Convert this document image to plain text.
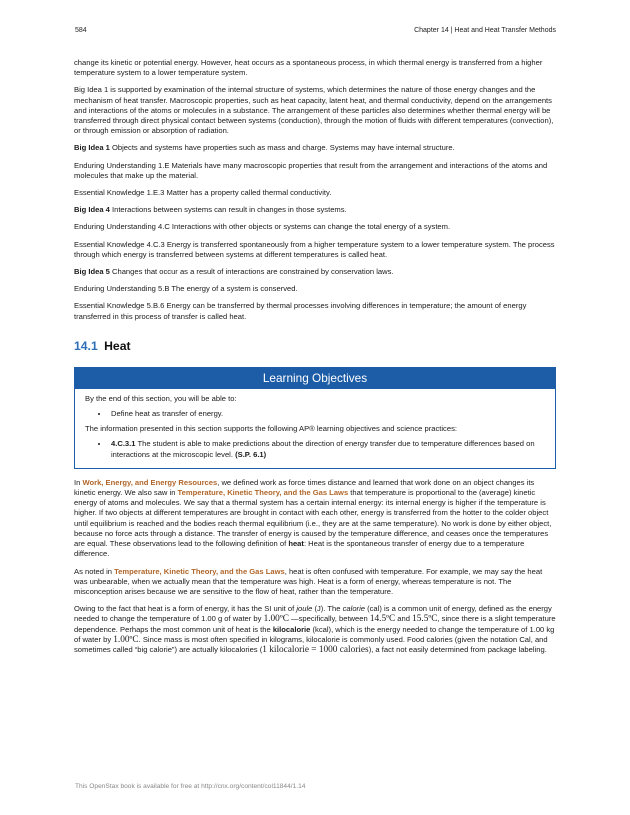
584	Chapter 14 | Heat and Heat Transfer Methods

change its kinetic or potential energy. However, heat occurs as a spontaneous process, in which thermal energy is transferred from a higher temperature system to a lower temperature system.

Big Idea 1 is supported by examination of the internal structure of systems, which determines the nature of those energy changes and the mechanism of heat transfer. Macroscopic properties, such as heat capacity, latent heat, and thermal conductivity, depend on the arrangements and interactions of the atoms or molecules in a substance. The arrangement of these particles also determines whether thermal energy will be transferred through direct physical contact between systems (conduction), through the motion of fluids with different temperatures (convection), or through emission or absorption of radiation.

Big Idea 1 Objects and systems have properties such as mass and charge. Systems may have internal structure.

Enduring Understanding 1.E Materials have many macroscopic properties that result from the arrangement and interactions of the atoms and molecules that make up the material.

Essential Knowledge 1.E.3 Matter has a property called thermal conductivity.

Big Idea 4 Interactions between systems can result in changes in those systems.

Enduring Understanding 4.C Interactions with other objects or systems can change the total energy of a system.

Essential Knowledge 4.C.3 Energy is transferred spontaneously from a higher temperature system to a lower temperature system. The process through which energy is transferred between systems at different temperatures is called heat.

Big Idea 5 Changes that occur as a result of interactions are constrained by conservation laws.

Enduring Understanding 5.B The energy of a system is conserved.

Essential Knowledge 5.B.6 Energy can be transferred by thermal processes involving differences in temperature; the amount of energy transferred in this process of transfer is called heat.

14.1 Heat
Learning Objectives

By the end of this section, you will be able to:

• Define heat as transfer of energy.

The information presented in this section supports the following AP® learning objectives and science practices:

• 4.C.3.1 The student is able to make predictions about the direction of energy transfer due to temperature differences based on interactions at the microscopic level. (S.P. 6.1)

In Work, Energy, and Energy Resources, we defined work as force times distance and learned that work done on an object changes its kinetic energy. We also saw in Temperature, Kinetic Theory, and the Gas Laws that temperature is proportional to the (average) kinetic energy of atoms and molecules. We say that a thermal system has a certain internal energy: its internal energy is higher if the temperature is higher. If two objects at different temperatures are brought in contact with each other, energy is transferred from the hotter to the colder object until equilibrium is reached and the bodies reach thermal equilibrium (i.e., they are at the same temperature). No work is done by either object, because no force acts through a distance. The transfer of energy is caused by the temperature difference, and ceases once the temperatures are equal. These observations lead to the following definition of heat: Heat is the spontaneous transfer of energy due to a temperature difference.

As noted in Temperature, Kinetic Theory, and the Gas Laws, heat is often confused with temperature. For example, we may say the heat was unbearable, when we actually mean that the temperature was high. Heat is a form of energy, whereas temperature is not. The misconception arises because we are sensitive to the flow of heat, rather than the temperature.

Owing to the fact that heat is a form of energy, it has the SI unit of joule (J). The calorie (cal) is a common unit of energy, defined as the energy needed to change the temperature of 1.00 g of water by 1.00ºC —specifically, between 14.5ºC and 15.5ºC, since there is a slight temperature dependence. Perhaps the most common unit of heat is the kilocalorie (kcal), which is the energy needed to change the temperature of 1.00 kg of water by 1.00ºC. Since mass is most often specified in kilograms, kilocalorie is commonly used. Food calories (given the notation Cal, and sometimes called “big calorie”) are actually kilocalories (1 kilocalorie = 1000 calories), a fact not easily determined from package labeling.

This OpenStax book is available for free at http://cnx.org/content/col11844/1.14
